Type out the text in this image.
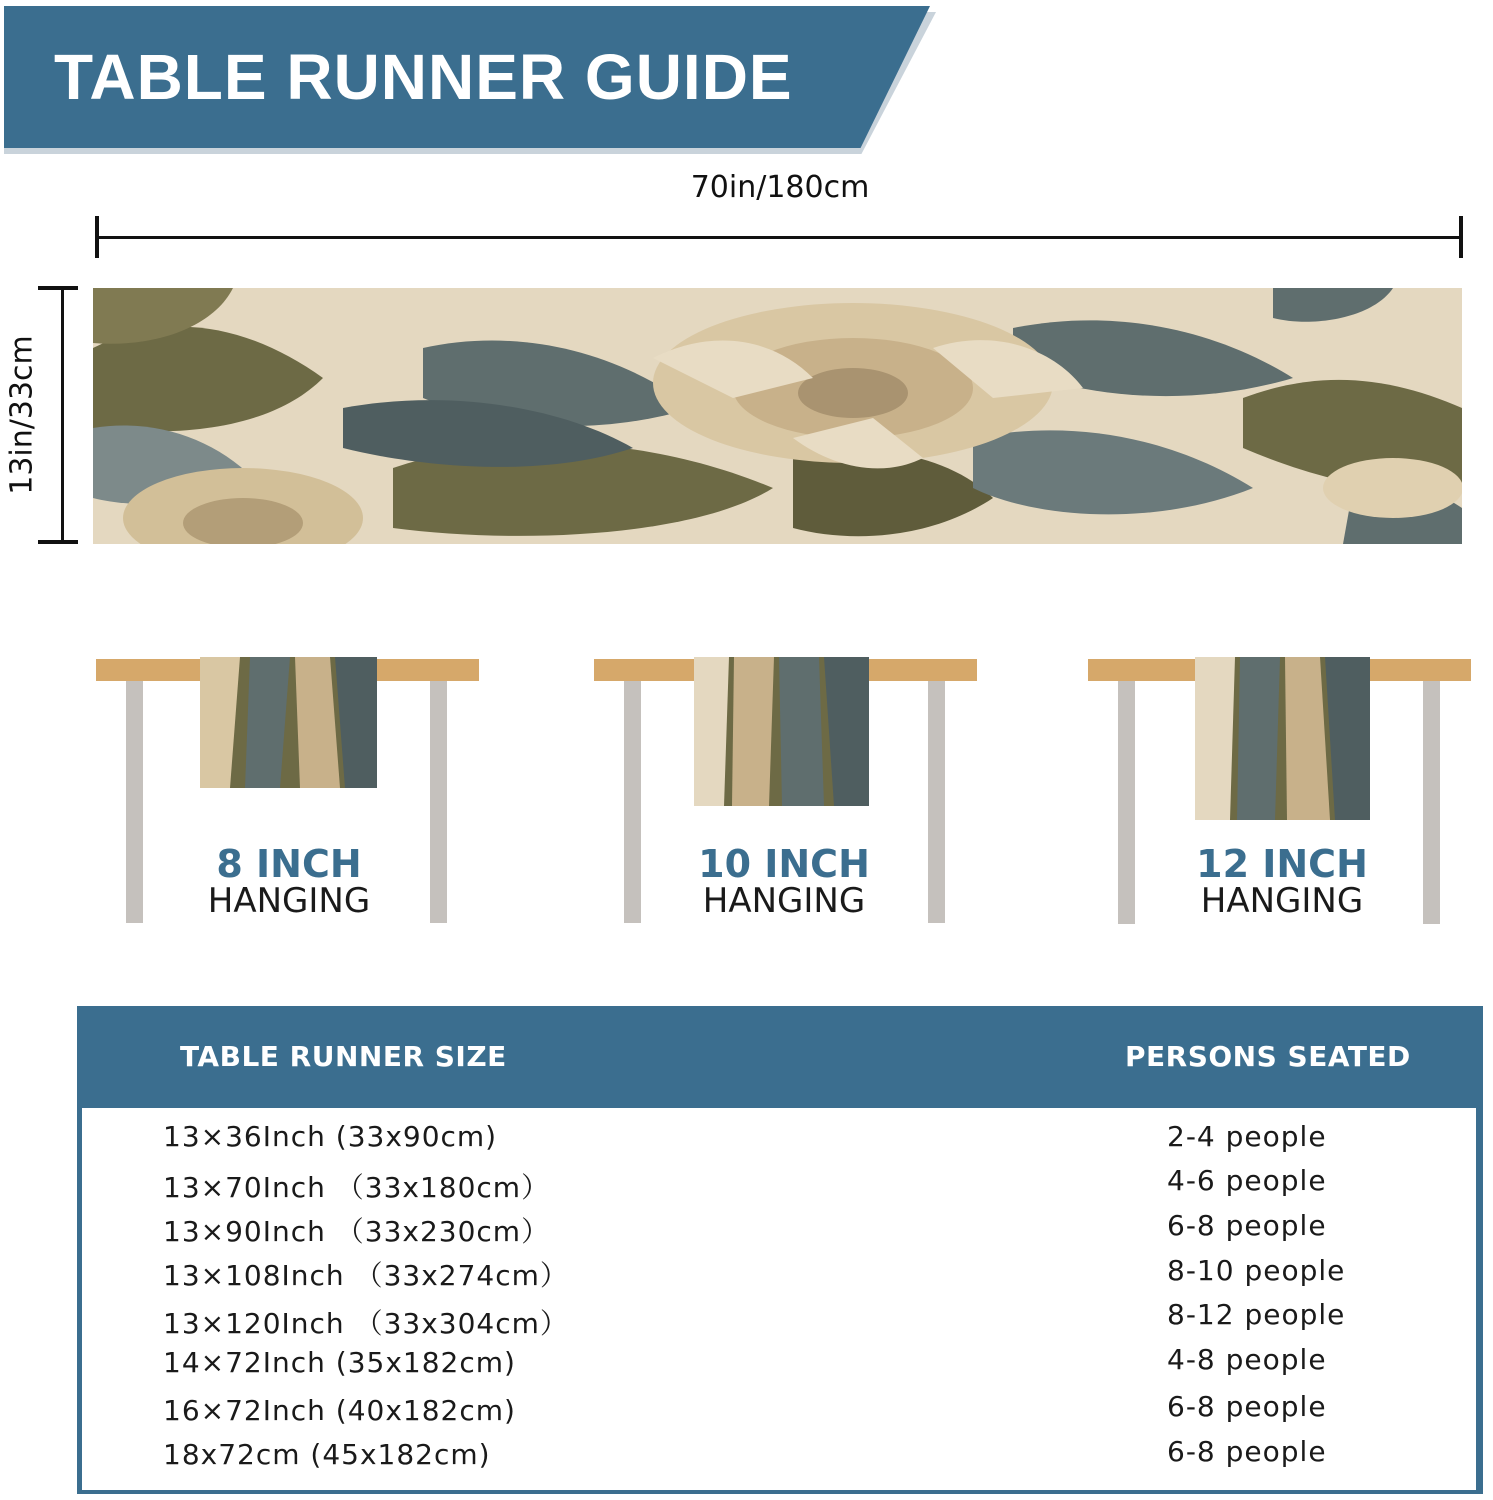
TABLE RUNNER GUIDE
70in/180cm
13in/33cm
8 INCH
HANGING
10 INCH
HANGING
12 INCH
HANGING
TABLE RUNNER SIZE	PERSONS SEATED
13×36Inch (33x90cm)	2-4 people
13×70Inch （33x180cm）	4-6 people
13×90Inch （33x230cm）	6-8 people
13×108Inch （33x274cm）	8-10 people
13×120Inch （33x304cm）	8-12 people
14×72Inch (35x182cm)	4-8 people
16×72Inch (40x182cm)	6-8 people
18x72cm (45x182cm)	6-8 people
